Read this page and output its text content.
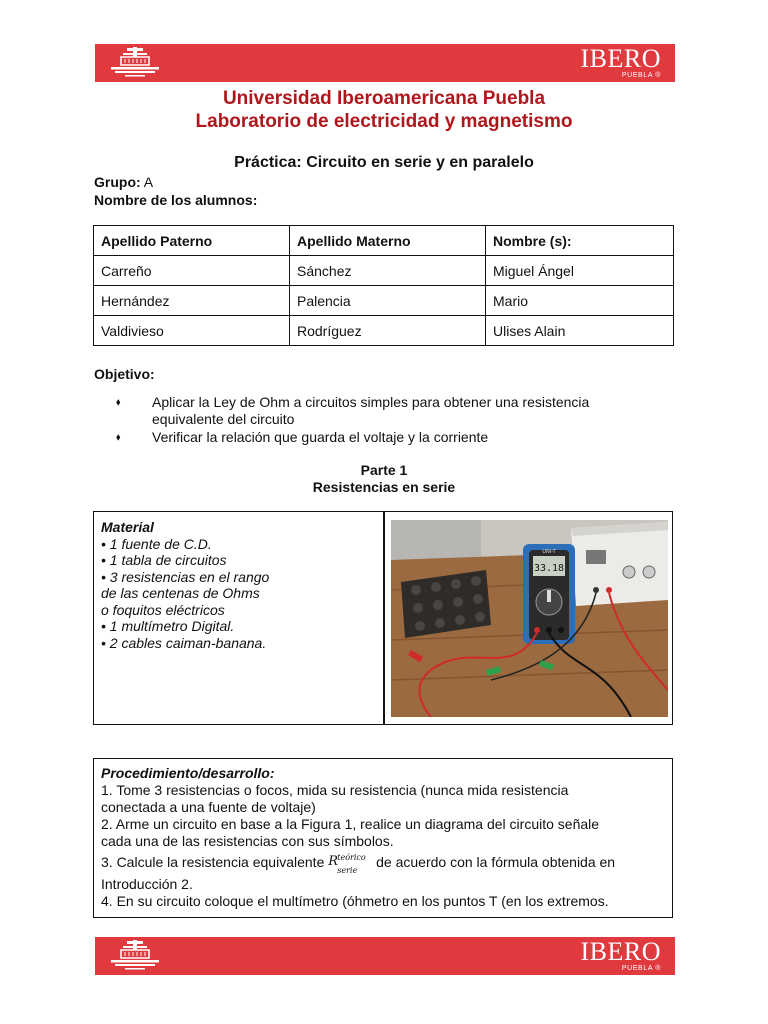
IBERO
PUEBLA ®
Universidad Iberoamericana Puebla
Laboratorio de electricidad y magnetismo
Práctica: Circuito en serie y en paralelo
Grupo: A
Nombre de los alumnos:
Apellido Paterno	Apellido Materno	Nombre (s):
Carreño	Sánchez	Miguel Ángel
Hernández	Palencia	Mario
Valdivieso	Rodríguez	Ulises Alain
Objetivo:
⬧ Aplicar la Ley de Ohm a circuitos simples para obtener una resistencia equivalente del circuito
⬧ Verificar la relación que guarda el voltaje y la corriente
Parte 1
Resistencias en serie
Material
• 1 fuente de C.D.
• 1 tabla de circuitos
• 3 resistencias en el rango
de las centenas de Ohms
o foquitos eléctricos
• 1 multímetro Digital.
• 2 cables caiman-banana.
33.18
UNI-T
Procedimiento/desarrollo:
1. Tome 3 resistencias o focos, mida su resistencia (nunca mida resistencia
conectada a una fuente de voltaje)
2. Arme un circuito en base a la Figura 1, realice un diagrama del circuito señale
cada una de las resistencias con sus símbolos.
3. Calcule la resistencia equivalente R teórico
serie
de acuerdo con la fórmula obtenida en
Introducción 2.
4. En su circuito coloque el multímetro (óhmetro en los puntos T (en los extremos.
IBERO
PUEBLA ®
